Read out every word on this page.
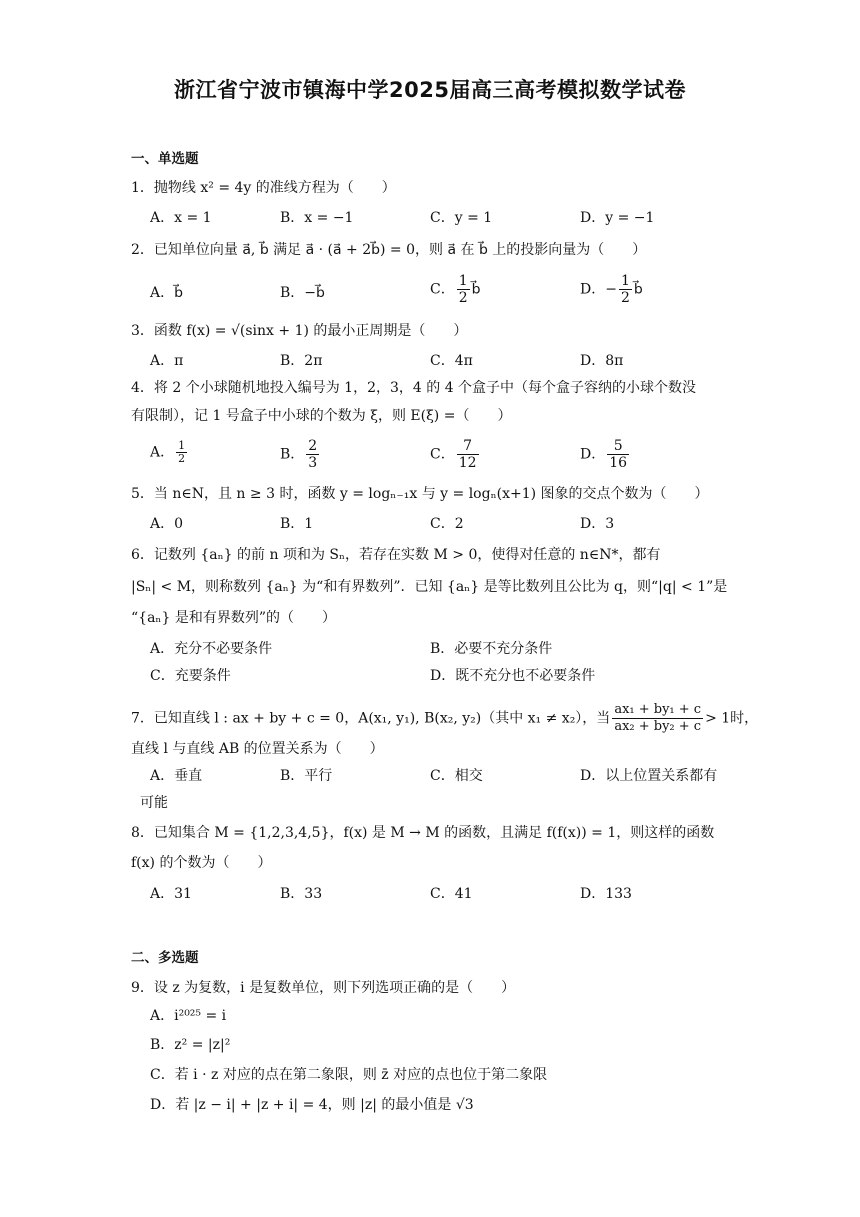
浙江省宁波市镇海中学2025届高三高考模拟数学试卷
一、单选题
1．抛物线 x² = 4y 的准线方程为（　　）
A．x = 1	B．x = −1	C．y = 1	D．y = −1
2．已知单位向量 a⃗, b⃗ 满足 a⃗ · (a⃗ + 2b⃗) = 0，则 a⃗ 在 b⃗ 上的投影向量为（　　）
A．b⃗	B．−b⃗	C． $\frac{1}{2}$ b⃗	D．− $\frac{1}{2}$ b⃗
3．函数 f(x) = √(sinx + 1) 的最小正周期是（　　）
A．π	B．2π	C．4π	D．8π
4．将 2 个小球随机地投入编号为 1，2，3，4 的 4 个盒子中（每个盒子容纳的小球个数没
有限制），记 1 号盒子中小球的个数为 ξ，则 E(ξ) =（　　）
A． $\frac{1}{2}$	B． $\frac{2}{3}$	C． $\frac{7}{12}$	D． $\frac{5}{16}$
5．当 n∈N，且 n ≥ 3 时，函数 y = logₙ₋₁x 与 y = logₙ(x+1) 图象的交点个数为（　　）
A．0	B．1	C．2	D．3
6．记数列 {aₙ} 的前 n 项和为 Sₙ，若存在实数 M > 0，使得对任意的 n∈N*，都有
|Sₙ| < M，则称数列 {aₙ} 为“和有界数列”．已知 {aₙ} 是等比数列且公比为 q，则“|q| < 1”是
“{aₙ} 是和有界数列”的（　　）
A．充分不必要条件	B．必要不充分条件
C．充要条件	D．既不充分也不必要条件
7．已知直线 l : ax + by + c = 0，A(x₁, y₁), B(x₂, y₂)（其中 x₁ ≠ x₂），当 $\frac{\text{ax₁ + by₁ + c}}{\text{ax₂ + by₂ + c}} > 1$时，
直线 l 与直线 AB 的位置关系为（　　）
A．垂直	B．平行	C．相交	D．以上位置关系都有
可能
8．已知集合 M = {1,2,3,4,5}，f(x) 是 M → M 的函数，且满足 f(f(x)) = 1，则这样的函数
f(x) 的个数为（　　）
A．31	B．33	C．41	D．133
二、多选题
9．设 z 为复数，i 是复数单位，则下列选项正确的是（　　）
A．i²⁰²⁵ = i
B．z² = |z|²
C．若 i · z 对应的点在第二象限，则 z̄ 对应的点也位于第二象限
D．若 |z − i| + |z + i| = 4，则 |z| 的最小值是 √3
